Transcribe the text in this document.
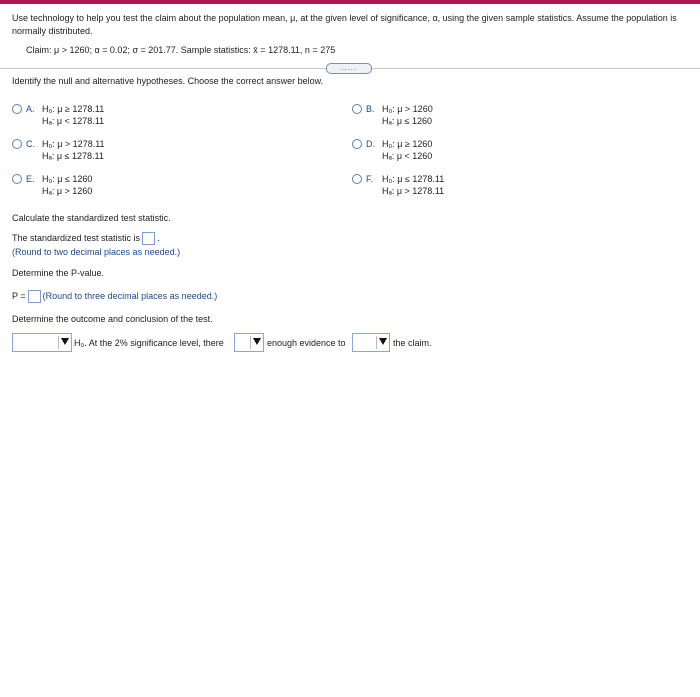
Use technology to help you test the claim about the population mean, μ, at the given level of significance, α, using the given sample statistics. Assume the population is normally distributed.
Claim: μ > 1260; α = 0.02; σ = 201.77. Sample statistics: x̄ = 1278.11, n = 275
.....
Identify the null and alternative hypotheses. Choose the correct answer below.
A. H₀: μ ≥ 1278.11
Hₐ: μ < 1278.11
B. H₀: μ > 1260
Hₐ: μ ≤ 1260
C. H₀: μ > 1278.11
Hₐ: μ ≤ 1278.11
D. H₀: μ ≥ 1260
Hₐ: μ < 1260
E. H₀: μ ≤ 1260
Hₐ: μ > 1260
F. H₀: μ ≤ 1278.11
Hₐ: μ > 1278.11
Calculate the standardized test statistic.
The standardized test statistic is .
(Round to two decimal places as needed.)
Determine the P-value.
P = (Round to three decimal places as needed.)
Determine the outcome and conclusion of the test.
H₀. At the 2% significance level, there	enough evidence to	the claim.
